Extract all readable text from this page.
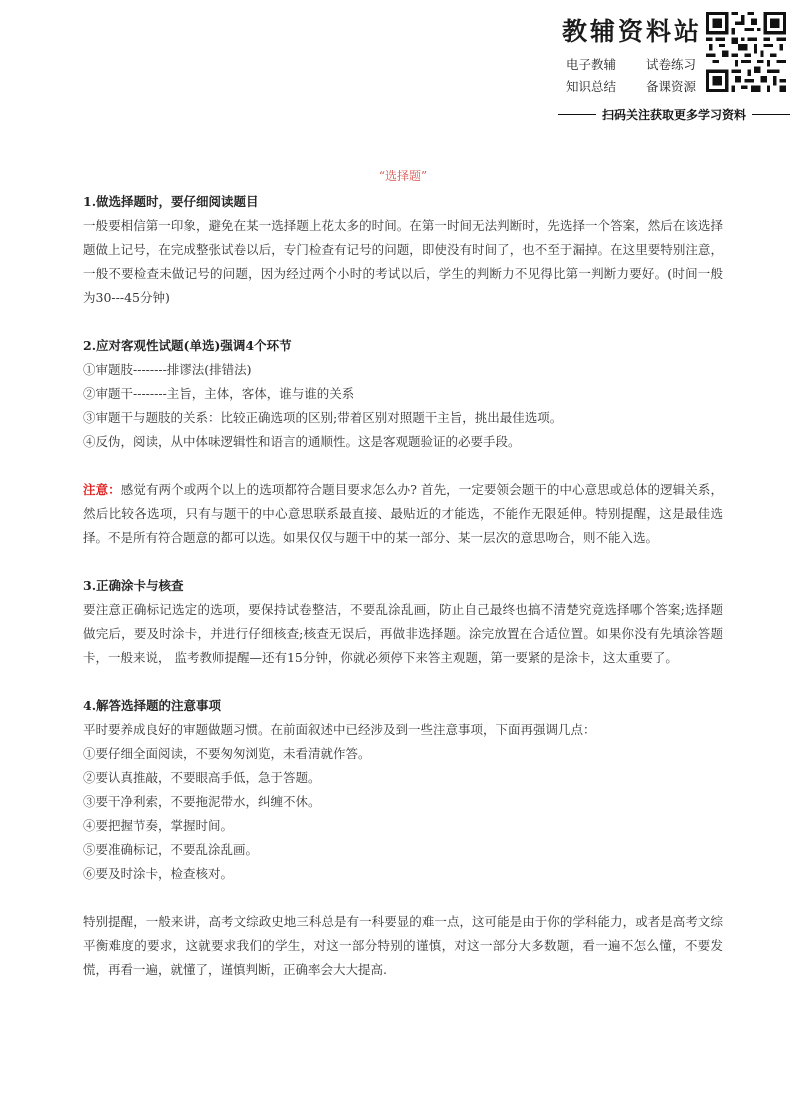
教辅资料站
电子教辅 试卷练习
知识总结 备课资源
扫码关注获取更多学习资料
“选择题”
1.做选择题时，要仔细阅读题目

一般要相信第一印象，避免在某一选择题上花太多的时间。在第一时间无法判断时，先选择一个答案，然后在该选择题做上记号，在完成整张试卷以后，专门检查有记号的问题，即使没有时间了，也不至于漏掉。在这里要特别注意，一般不要检查未做记号的问题，因为经过两个小时的考试以后，学生的判断力不见得比第一判断力要好。(时间一般为30---45分钟)

2.应对客观性试题(单选)强调4个环节

①审题肢--------排谬法(排错法)

②审题干--------主旨，主体，客体，谁与谁的关系

③审题干与题肢的关系：比较正确选项的区别;带着区别对照题干主旨，挑出最佳选项。

④反伪，阅读，从中体味逻辑性和语言的通顺性。这是客观题验证的必要手段。

注意：感觉有两个或两个以上的选项都符合题目要求怎么办? 首先，一定要领会题干的中心意思或总体的逻辑关系，然后比较各选项，只有与题干的中心意思联系最直接、最贴近的才能选，不能作无限延伸。特别提醒，这是最佳选择。不是所有符合题意的都可以选。如果仅仅与题干中的某一部分、某一层次的意思吻合，则不能入选。

3.正确涂卡与核查

要注意正确标记选定的选项，要保持试卷整洁，不要乱涂乱画，防止自己最终也搞不清楚究竟选择哪个答案;选择题做完后，要及时涂卡，并进行仔细核查;核查无误后，再做非选择题。涂完放置在合适位置。如果你没有先填涂答题卡，一般来说， 监考教师提醒—还有15分钟，你就必须停下来答主观题，第一要紧的是涂卡，这太重要了。

4.解答选择题的注意事项

平时要养成良好的审题做题习惯。在前面叙述中已经涉及到一些注意事项，下面再强调几点：

①要仔细全面阅读，不要匆匆浏览，未看清就作答。

②要认真推敲，不要眼高手低，急于答题。

③要干净利索，不要拖泥带水，纠缠不休。

④要把握节奏，掌握时间。

⑤要准确标记，不要乱涂乱画。

⑥要及时涂卡，检查核对。

特别提醒，一般来讲，高考文综政史地三科总是有一科要显的难一点，这可能是由于你的学科能力，或者是高考文综平衡难度的要求，这就要求我们的学生，对这一部分特别的谨慎，对这一部分大多数题，看一遍不怎么懂，不要发慌，再看一遍，就懂了，谨慎判断，正确率会大大提高.
